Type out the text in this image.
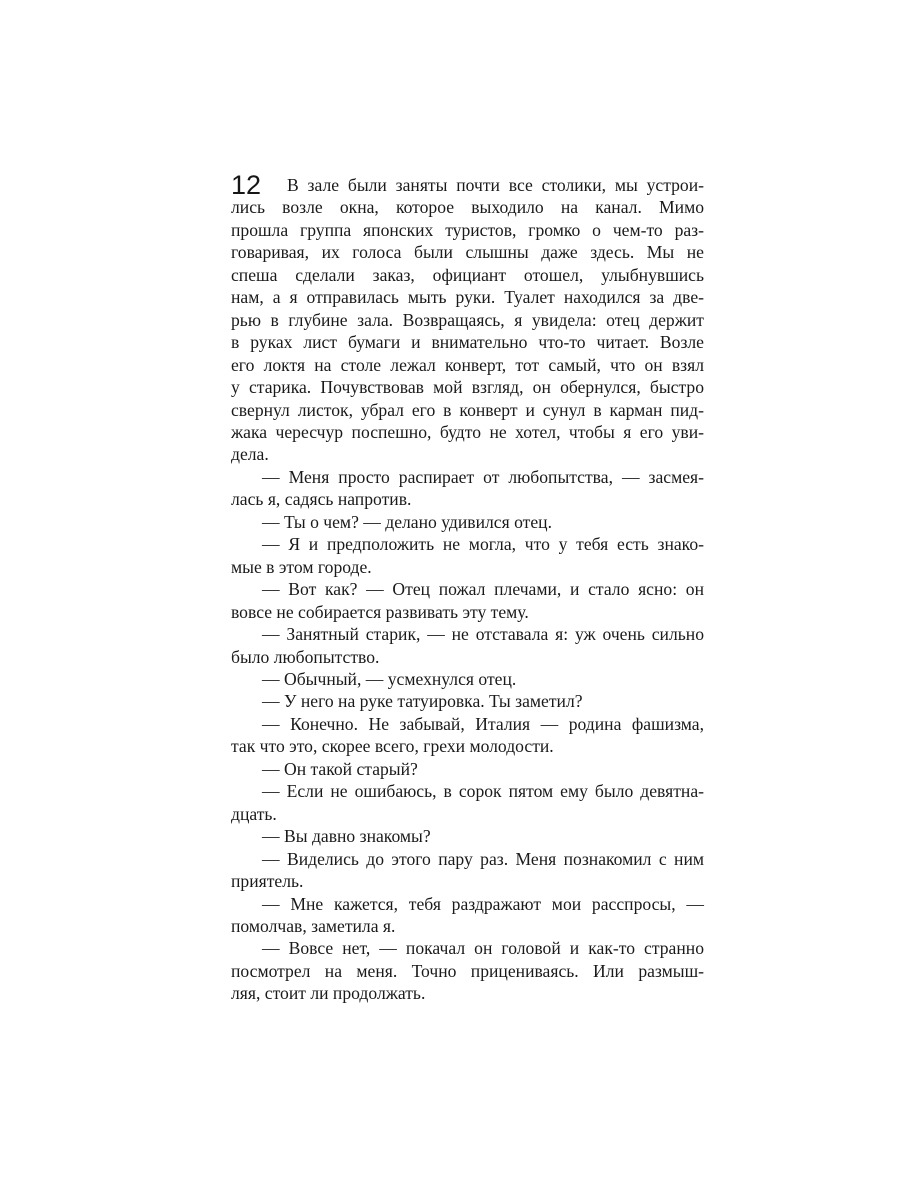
12	В зале были заняты почти все столики, мы устрои-
лись возле окна, которое выходило на канал. Мимо
прошла группа японских туристов, громко о чем-то раз-
говаривая, их голоса были слышны даже здесь. Мы не
спеша сделали заказ, официант отошел, улыбнувшись
нам, а я отправилась мыть руки. Туалет находился за две-
рью в глубине зала. Возвращаясь, я увидела: отец держит
в руках лист бумаги и внимательно что-то читает. Возле
его локтя на столе лежал конверт, тот самый, что он взял
у старика. Почувствовав мой взгляд, он обернулся, быстро
свернул листок, убрал его в конверт и сунул в карман пид-
жака чересчур поспешно, будто не хотел, чтобы я его уви-
дела.

— Меня просто распирает от любопытства, — засмея-
лась я, садясь напротив.

— Ты о чем? — делано удивился отец.

— Я и предположить не могла, что у тебя есть знако-
мые в этом городе.

— Вот как? — Отец пожал плечами, и стало ясно: он
вовсе не собирается развивать эту тему.

— Занятный старик, — не отставала я: уж очень сильно
было любопытство.

— Обычный, — усмехнулся отец.

— У него на руке татуировка. Ты заметил?

— Конечно. Не забывай, Италия — родина фашизма,
так что это, скорее всего, грехи молодости.

— Он такой старый?

— Если не ошибаюсь, в сорок пятом ему было девятна-
дцать.

— Вы давно знакомы?

— Виделись до этого пару раз. Меня познакомил с ним
приятель.

— Мне кажется, тебя раздражают мои расспросы, —
помолчав, заметила я.

— Вовсе нет, — покачал он головой и как-то странно
посмотрел на меня. Точно прицениваясь. Или размыш-
ляя, стоит ли продолжать.
